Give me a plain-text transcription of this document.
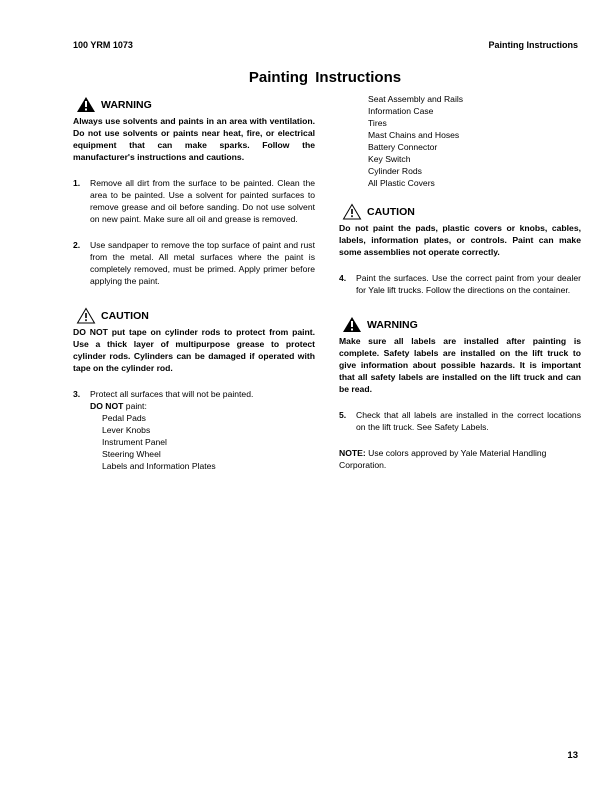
100 YRM 1073	Painting Instructions
Painting Instructions
WARNING
Always use solvents and paints in an area with ventilation. Do not use solvents or paints near heat, fire, or electrical equipment that can make sparks. Follow the manufacturer's instructions and cautions.
1.	Remove all dirt from the surface to be painted. Clean the area to be painted. Use a solvent for painted surfaces to remove grease and oil before sanding. Do not use solvent on new paint. Make sure all oil and grease is removed.
2.	Use sandpaper to remove the top surface of paint and rust from the metal. All metal surfaces where the paint is completely removed, must be primed. Apply primer before applying the paint.
CAUTION
DO NOT put tape on cylinder rods to protect from paint. Use a thick layer of multipurpose grease to protect cylinder rods. Cylinders can be damaged if operated with tape on the cylinder rod.
3.	Protect all surfaces that will not be painted.
DO NOT paint:
Pedal Pads
Lever Knobs
Instrument Panel
Steering Wheel
Labels and Information Plates
Seat Assembly and Rails
Information Case
Tires
Mast Chains and Hoses
Battery Connector
Key Switch
Cylinder Rods
All Plastic Covers
CAUTION
Do not paint the pads, plastic covers or knobs, cables, labels, information plates, or controls. Paint can make some assemblies not operate correctly.
4.	Paint the surfaces. Use the correct paint from your dealer for Yale lift trucks. Follow the directions on the container.
WARNING
Make sure all labels are installed after painting is complete. Safety labels are installed on the lift truck to give information about possible hazards. It is important that all safety labels are installed on the lift truck and can be read.
5.	Check that all labels are installed in the correct locations on the lift truck. See Safety Labels.
NOTE: Use colors approved by Yale Material Handling Corporation.
13
